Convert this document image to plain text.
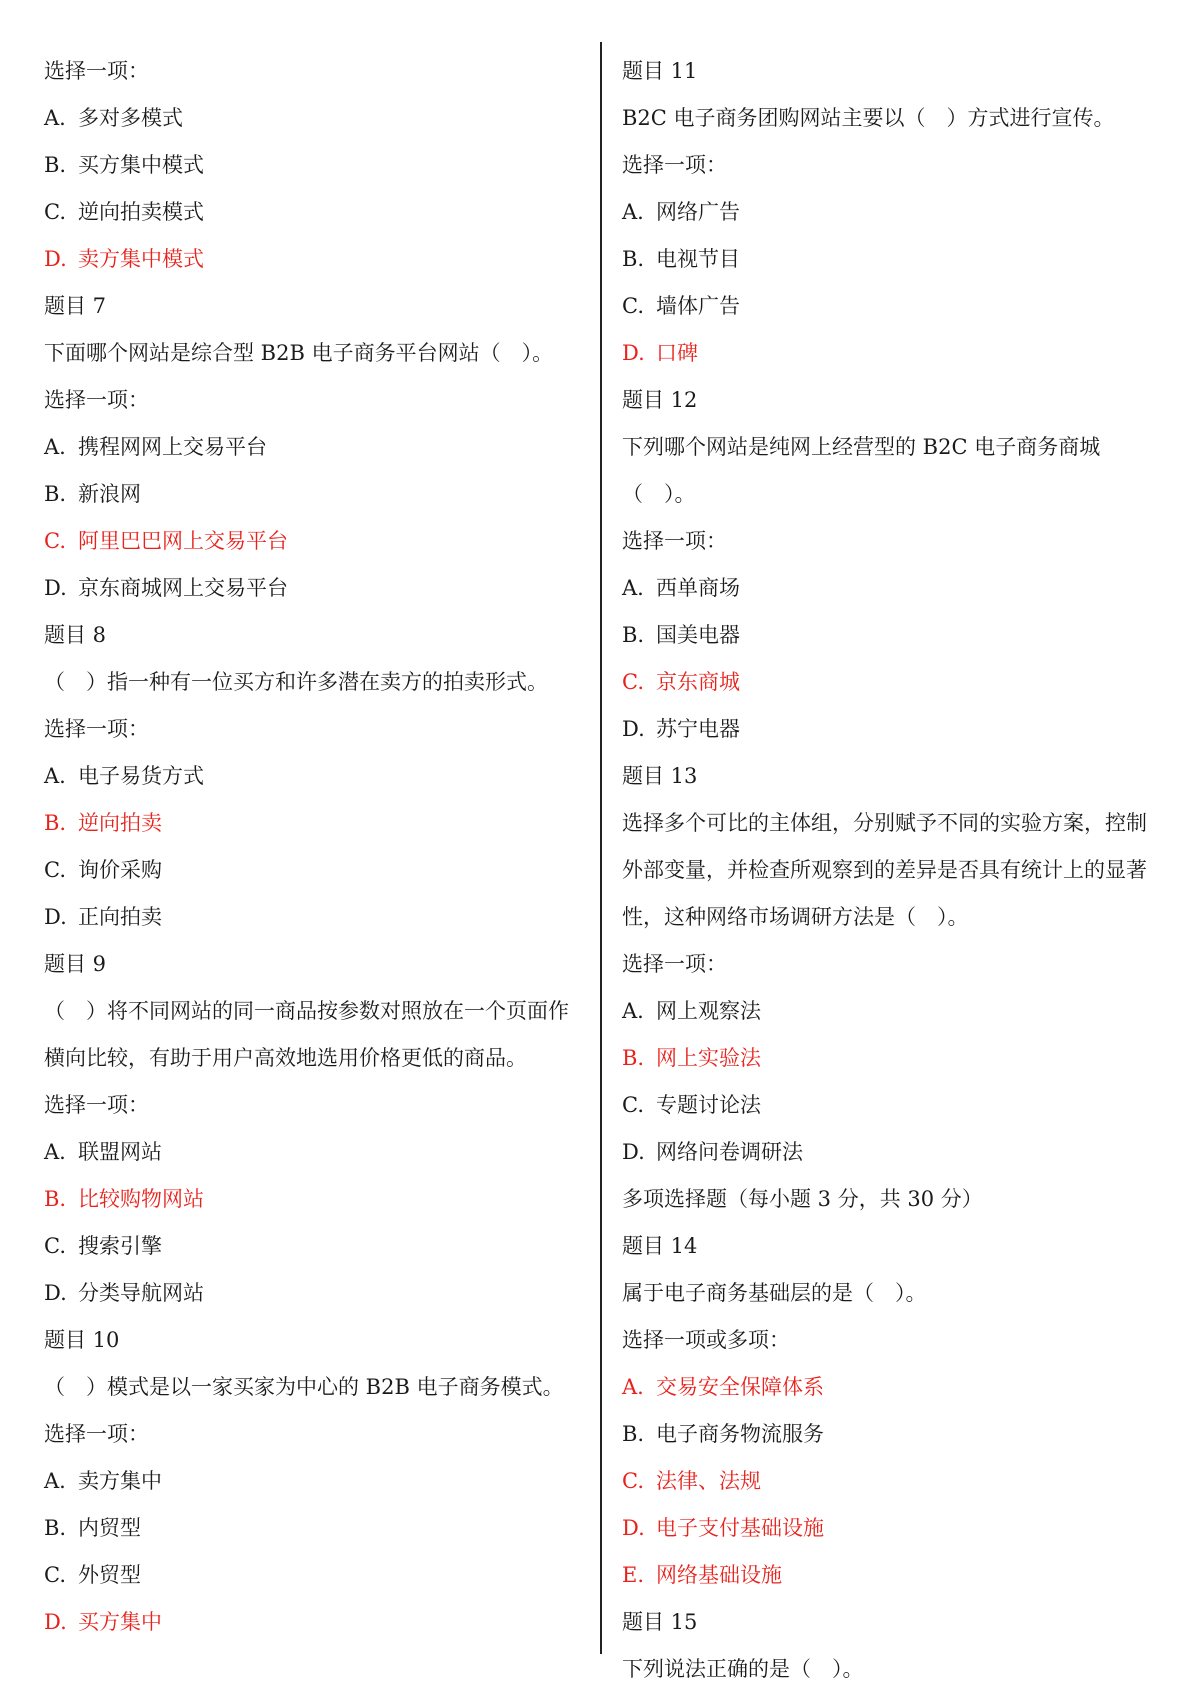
选择一项：

A. 多对多模式

B. 买方集中模式

C. 逆向拍卖模式

D. 卖方集中模式

题目 7

下面哪个网站是综合型 B2B 电子商务平台网站（　）。

选择一项：

A. 携程网网上交易平台

B. 新浪网

C. 阿里巴巴网上交易平台

D. 京东商城网上交易平台

题目 8

（　）指一种有一位买方和许多潜在卖方的拍卖形式。

选择一项：

A. 电子易货方式

B. 逆向拍卖

C. 询价采购

D. 正向拍卖

题目 9

（　）将不同网站的同一商品按参数对照放在一个页面作横向比较，有助于用户高效地选用价格更低的商品。

选择一项：

A. 联盟网站

B. 比较购物网站

C. 搜索引擎

D. 分类导航网站

题目 10

（　）模式是以一家买家为中心的 B2B 电子商务模式。

选择一项：

A. 卖方集中

B. 内贸型

C. 外贸型

D. 买方集中

题目 11

B2C 电子商务团购网站主要以（　）方式进行宣传。

选择一项：

A. 网络广告

B. 电视节目

C. 墙体广告

D. 口碑

题目 12

下列哪个网站是纯网上经营型的 B2C 电子商务商城（　）。

选择一项：

A. 西单商场

B. 国美电器

C. 京东商城

D. 苏宁电器

题目 13

选择多个可比的主体组，分别赋予不同的实验方案，控制外部变量，并检查所观察到的差异是否具有统计上的显著性，这种网络市场调研方法是（　）。

选择一项：

A. 网上观察法

B. 网上实验法

C. 专题讨论法

D. 网络问卷调研法

多项选择题（每小题 3 分，共 30 分）

题目 14

属于电子商务基础层的是（　）。

选择一项或多项：

A. 交易安全保障体系

B. 电子商务物流服务

C. 法律、法规

D. 电子支付基础设施

E. 网络基础设施

题目 15

下列说法正确的是（　）。
